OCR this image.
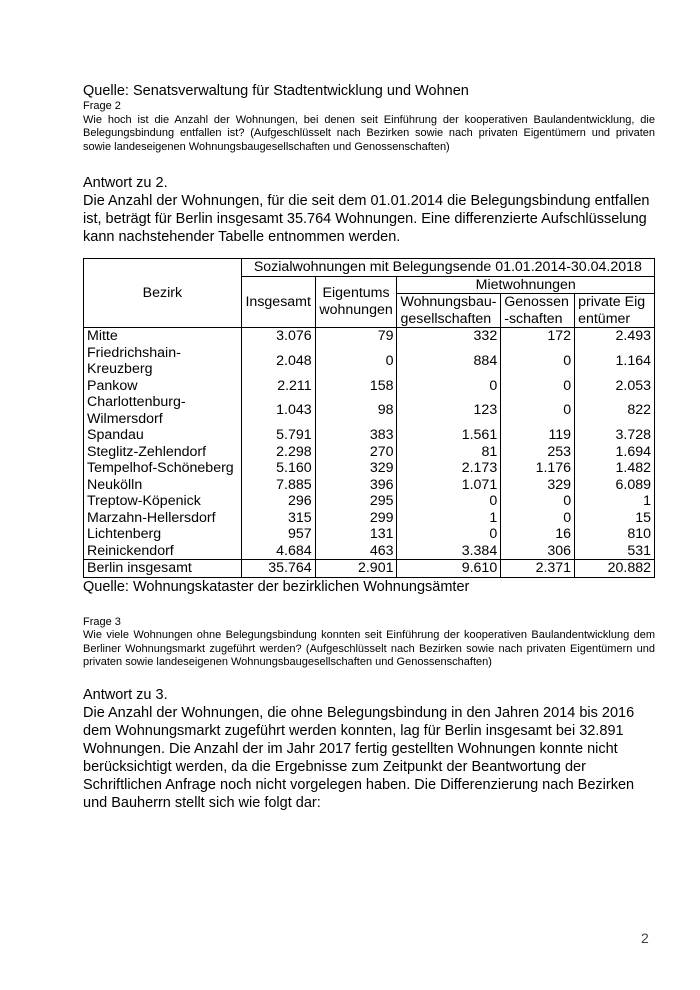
Quelle: Senatsverwaltung für Stadtentwicklung und Wohnen
Frage 2
Wie hoch ist die Anzahl der Wohnungen, bei denen seit Einführung der kooperativen Baulandentwicklung, die Belegungsbindung entfallen ist? (Aufgeschlüsselt nach Bezirken sowie nach privaten Eigentümern und privaten sowie landeseigenen Wohnungsbaugesellschaften und Genossenschaften)
Antwort zu 2.
Die Anzahl der Wohnungen, für die seit dem 01.01.2014 die Belegungsbindung entfallen ist, beträgt für Berlin insgesamt 35.764 Wohnungen. Eine differenzierte Aufschlüsselung kann nachstehender Tabelle entnommen werden.
Bezirk	Sozialwohnungen mit Belegungsende 01.01.2014-30.04.2018				
	Insgesamt	Eigentumswohnungen	Mietwohnungen		
			Wohnungsbau-gesellschaften	Genossen-schaften	private Eigentümer
Mitte	3.076	79	332	172	2.493
Friedrichshain-Kreuzberg	2.048	0	884	0	1.164
Pankow	2.211	158	0	0	2.053
Charlottenburg-Wilmersdorf	1.043	98	123	0	822
Spandau	5.791	383	1.561	119	3.728
Steglitz-Zehlendorf	2.298	270	81	253	1.694
Tempelhof-Schöneberg	5.160	329	2.173	1.176	1.482
Neukölln	7.885	396	1.071	329	6.089
Treptow-Köpenick	296	295	0	0	1
Marzahn-Hellersdorf	315	299	1	0	15
Lichtenberg	957	131	0	16	810
Reinickendorf	4.684	463	3.384	306	531
Berlin insgesamt	35.764	2.901	9.610	2.371	20.882
Quelle: Wohnungskataster der bezirklichen Wohnungsämter
Frage 3
Wie viele Wohnungen ohne Belegungsbindung konnten seit Einführung der kooperativen Baulandentwicklung dem Berliner Wohnungsmarkt zugeführt werden? (Aufgeschlüsselt nach Bezirken sowie nach privaten Eigentümern und privaten sowie landeseigenen Wohnungsbaugesellschaften und Genossenschaften)
Antwort zu 3.
Die Anzahl der Wohnungen, die ohne Belegungsbindung in den Jahren 2014 bis 2016 dem Wohnungsmarkt zugeführt werden konnten, lag für Berlin insgesamt bei 32.891 Wohnungen. Die Anzahl der im Jahr 2017 fertig gestellten Wohnungen konnte nicht berücksichtigt werden, da die Ergebnisse zum Zeitpunkt der Beantwortung der Schriftlichen Anfrage noch nicht vorgelegen haben. Die Differenzierung nach Bezirken und Bauherrn stellt sich wie folgt dar:
2
